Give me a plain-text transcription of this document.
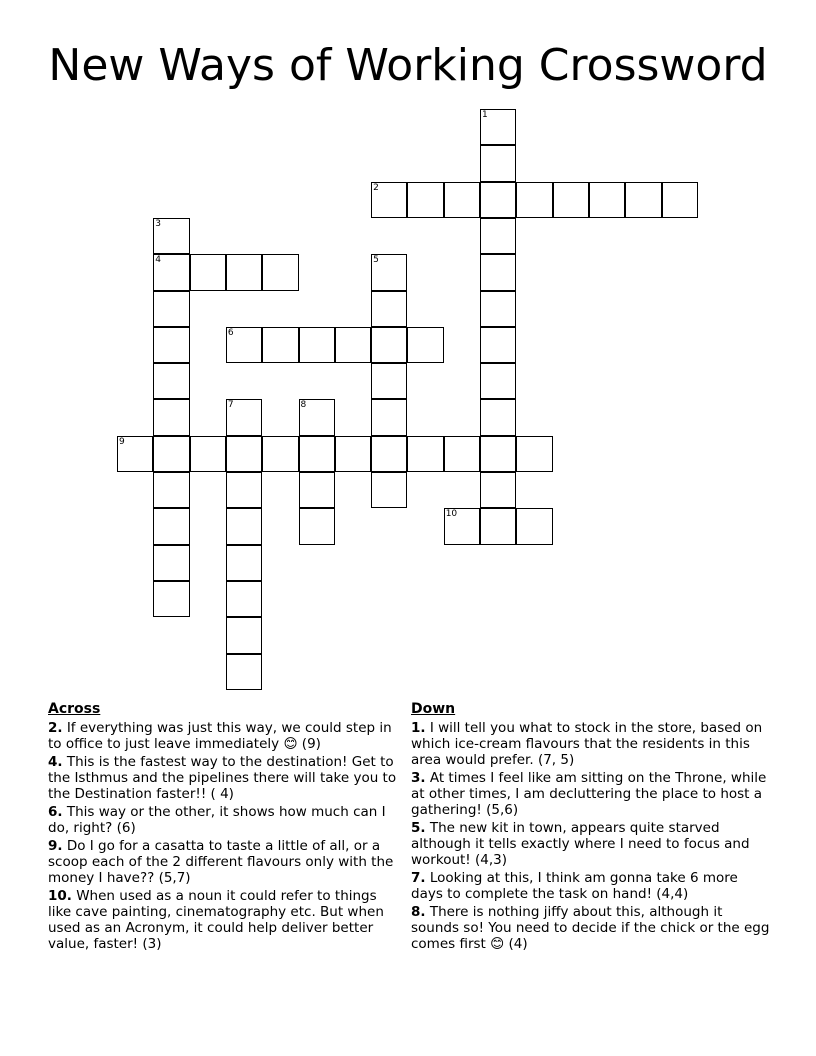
New Ways of Working Crossword
1
2
3
4	5
6
7	8
9
10
Across
2. If everything was just this way, we could step in to office to just leave immediately 😊 (9)
4. This is the fastest way to the destination! Get to the Isthmus and the pipelines there will take you to the Destination faster!! ( 4)
6. This way or the other, it shows how much can I do, right? (6)
9. Do I go for a casatta to taste a little of all, or a scoop each of the 2 different flavours only with the money I have?? (5,7)
10. When used as a noun it could refer to things like cave painting, cinematography etc. But when used as an Acronym, it could help deliver better value, faster! (3)
Down
1. I will tell you what to stock in the store, based on which ice-cream flavours that the residents in this area would prefer. (7, 5)
3. At times I feel like am sitting on the Throne, while at other times, I am decluttering the place to host a gathering! (5,6)
5. The new kit in town, appears quite starved although it tells exactly where I need to focus and workout! (4,3)
7. Looking at this, I think am gonna take 6 more days to complete the task on hand! (4,4)
8. There is nothing jiffy about this, although it sounds so! You need to decide if the chick or the egg comes first 😊 (4)
